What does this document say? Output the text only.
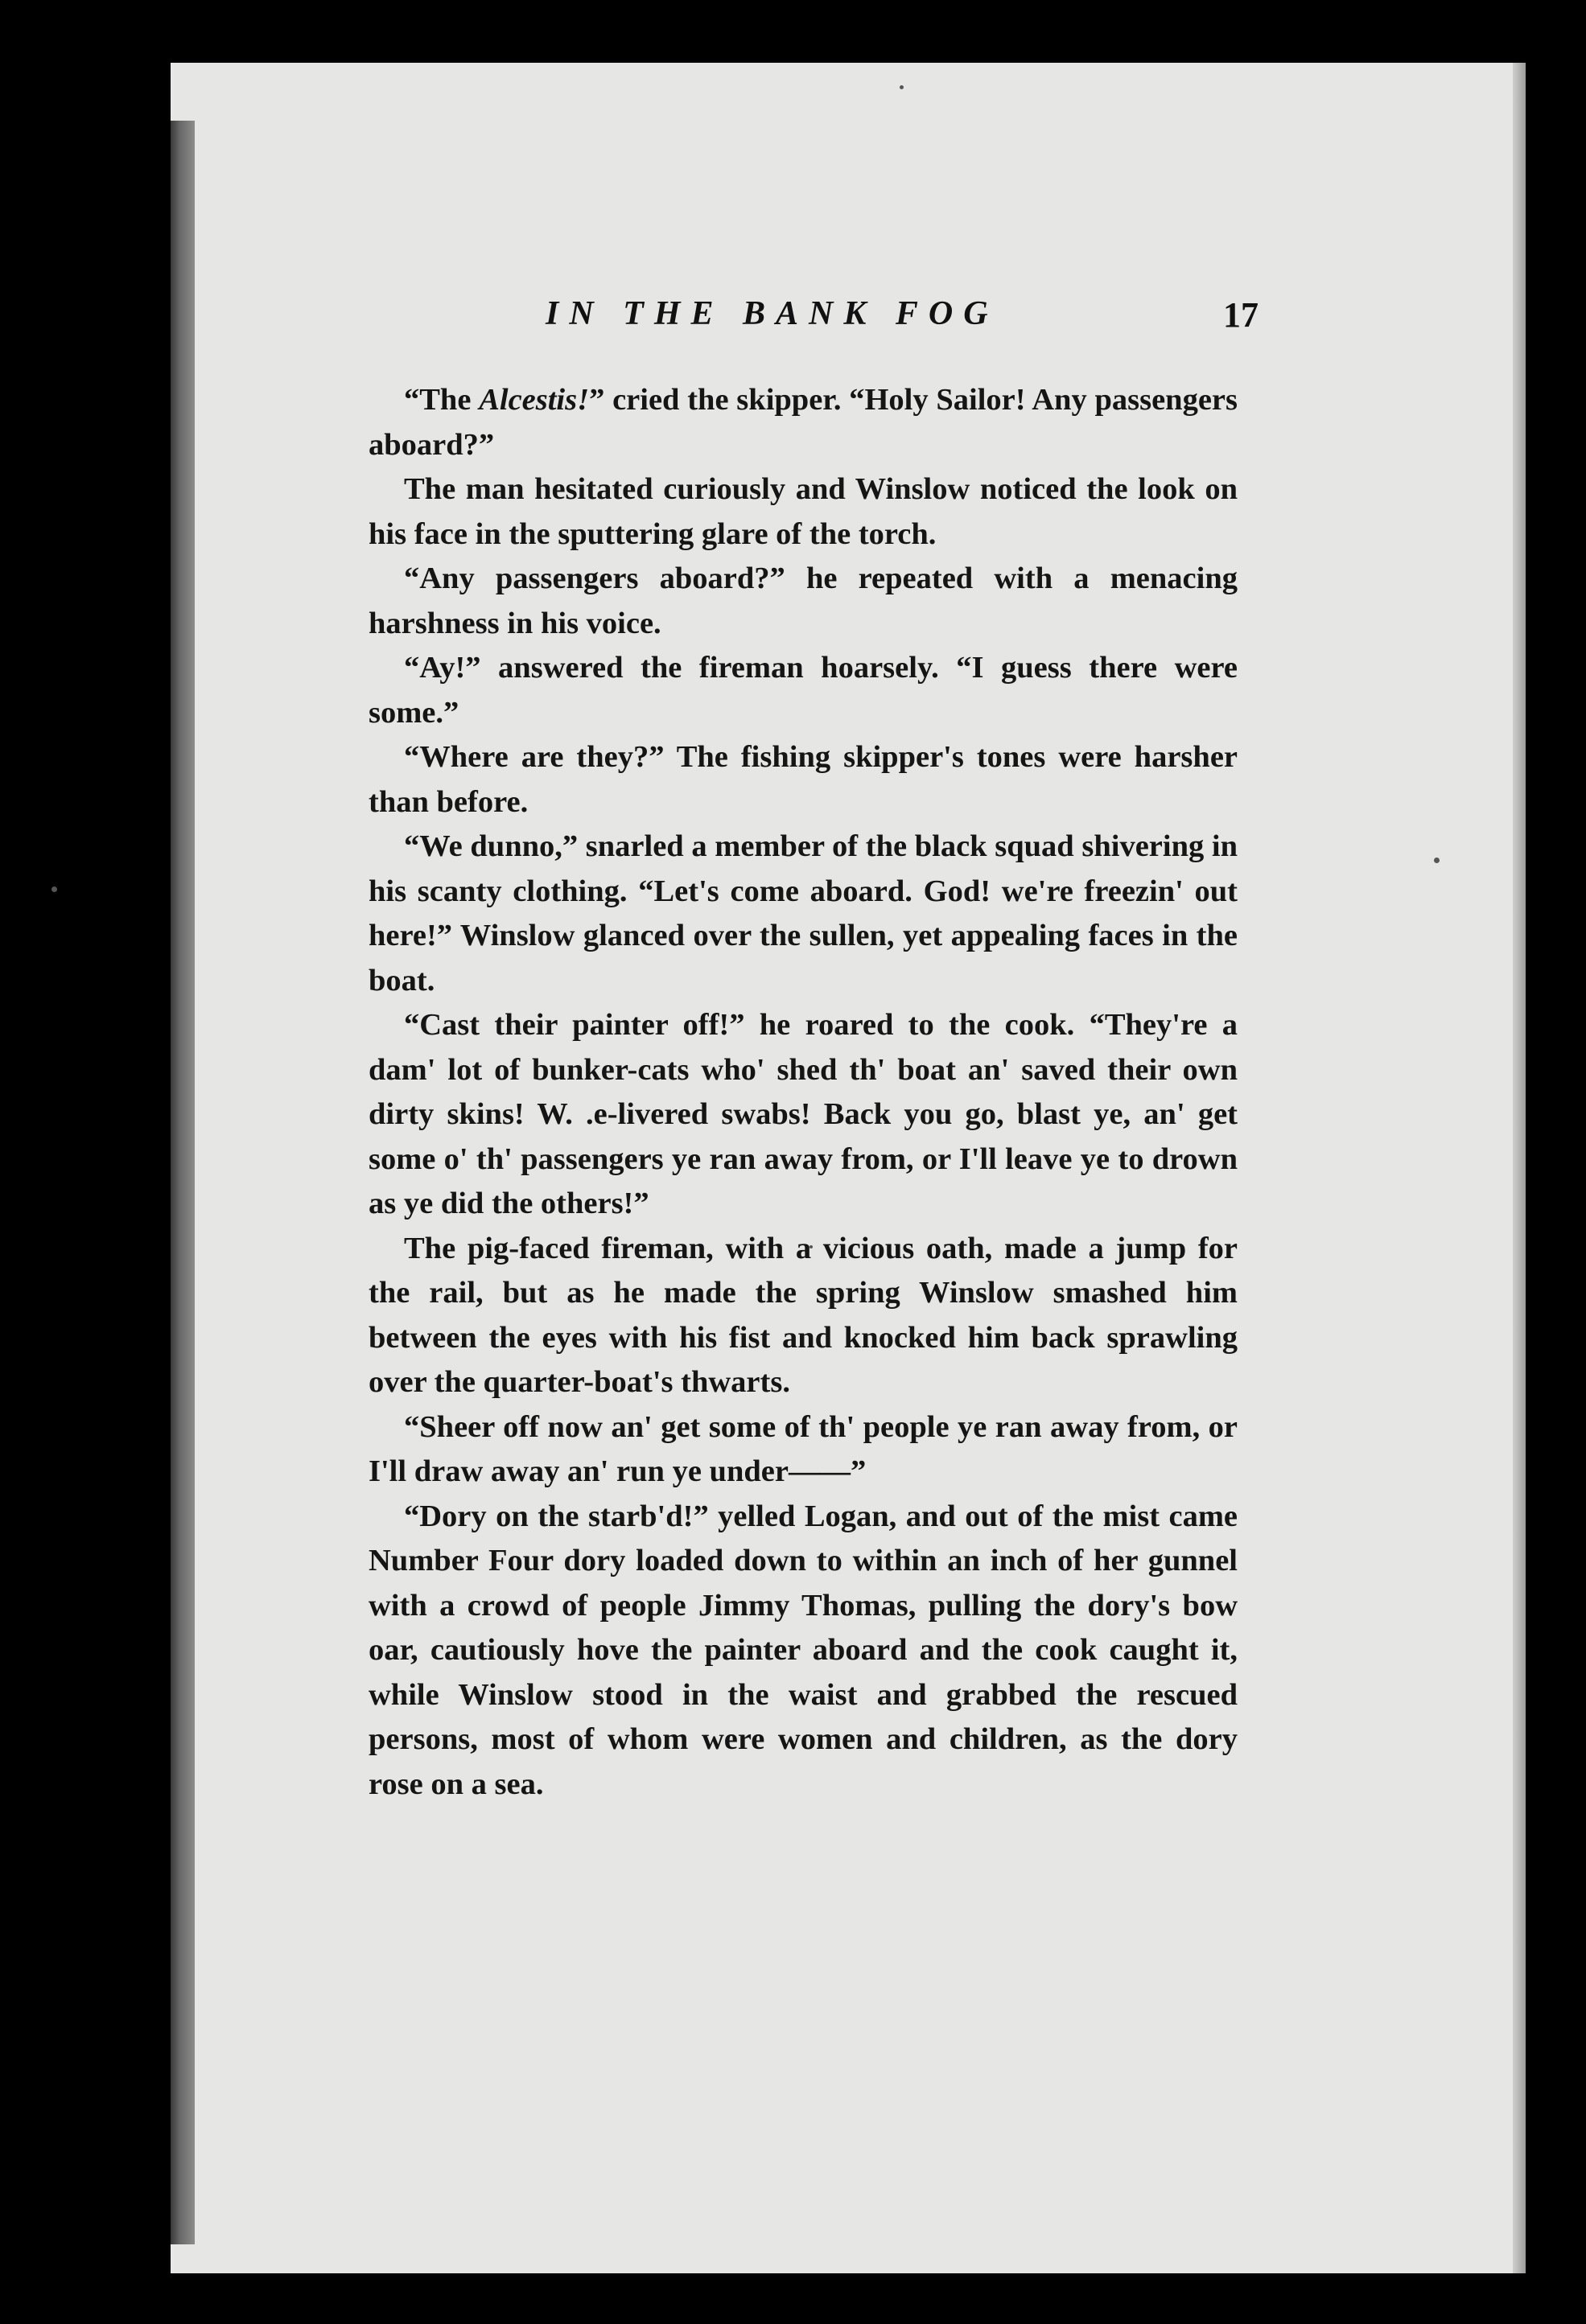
IN THE BANK FOG	17

“The Alcestis!” cried the skipper. “Holy Sailor! Any passengers aboard?”

The man hesitated curiously and Winslow noticed the look on his face in the sputtering glare of the torch.

“Any passengers aboard?” he repeated with a menacing harshness in his voice.

“Ay!” answered the fireman hoarsely. “I guess there were some.”

“Where are they?” The fishing skipper's tones were harsher than before.

“We dunno,” snarled a member of the black squad shivering in his scanty clothing. “Let's come aboard. God! we're freezin' out here!” Winslow glanced over the sullen, yet appealing faces in the boat.

“Cast their painter off!” he roared to the cook. “They're a dam' lot of bunker-cats who' shed th' boat an' saved their own dirty skins! W. .e-livered swabs! Back you go, blast ye, an' get some o' th' passengers ye ran away from, or I'll leave ye to drown as ye did the others!”

The pig-faced fireman, with a vicious oath, made a jump for the rail, but as he made the spring Winslow smashed him between the eyes with his fist and knocked him back sprawling over the quarter-boat's thwarts.

“Sheer off now an' get some of th' people ye ran away from, or I'll draw away an' run ye under——”

“Dory on the starb'd!” yelled Logan, and out of the mist came Number Four dory loaded down to within an inch of her gunnel with a crowd of people Jimmy Thomas, pulling the dory's bow oar, cautiously hove the painter aboard and the cook caught it, while Winslow stood in the waist and grabbed the rescued persons, most of whom were women and children, as the dory rose on a sea.
